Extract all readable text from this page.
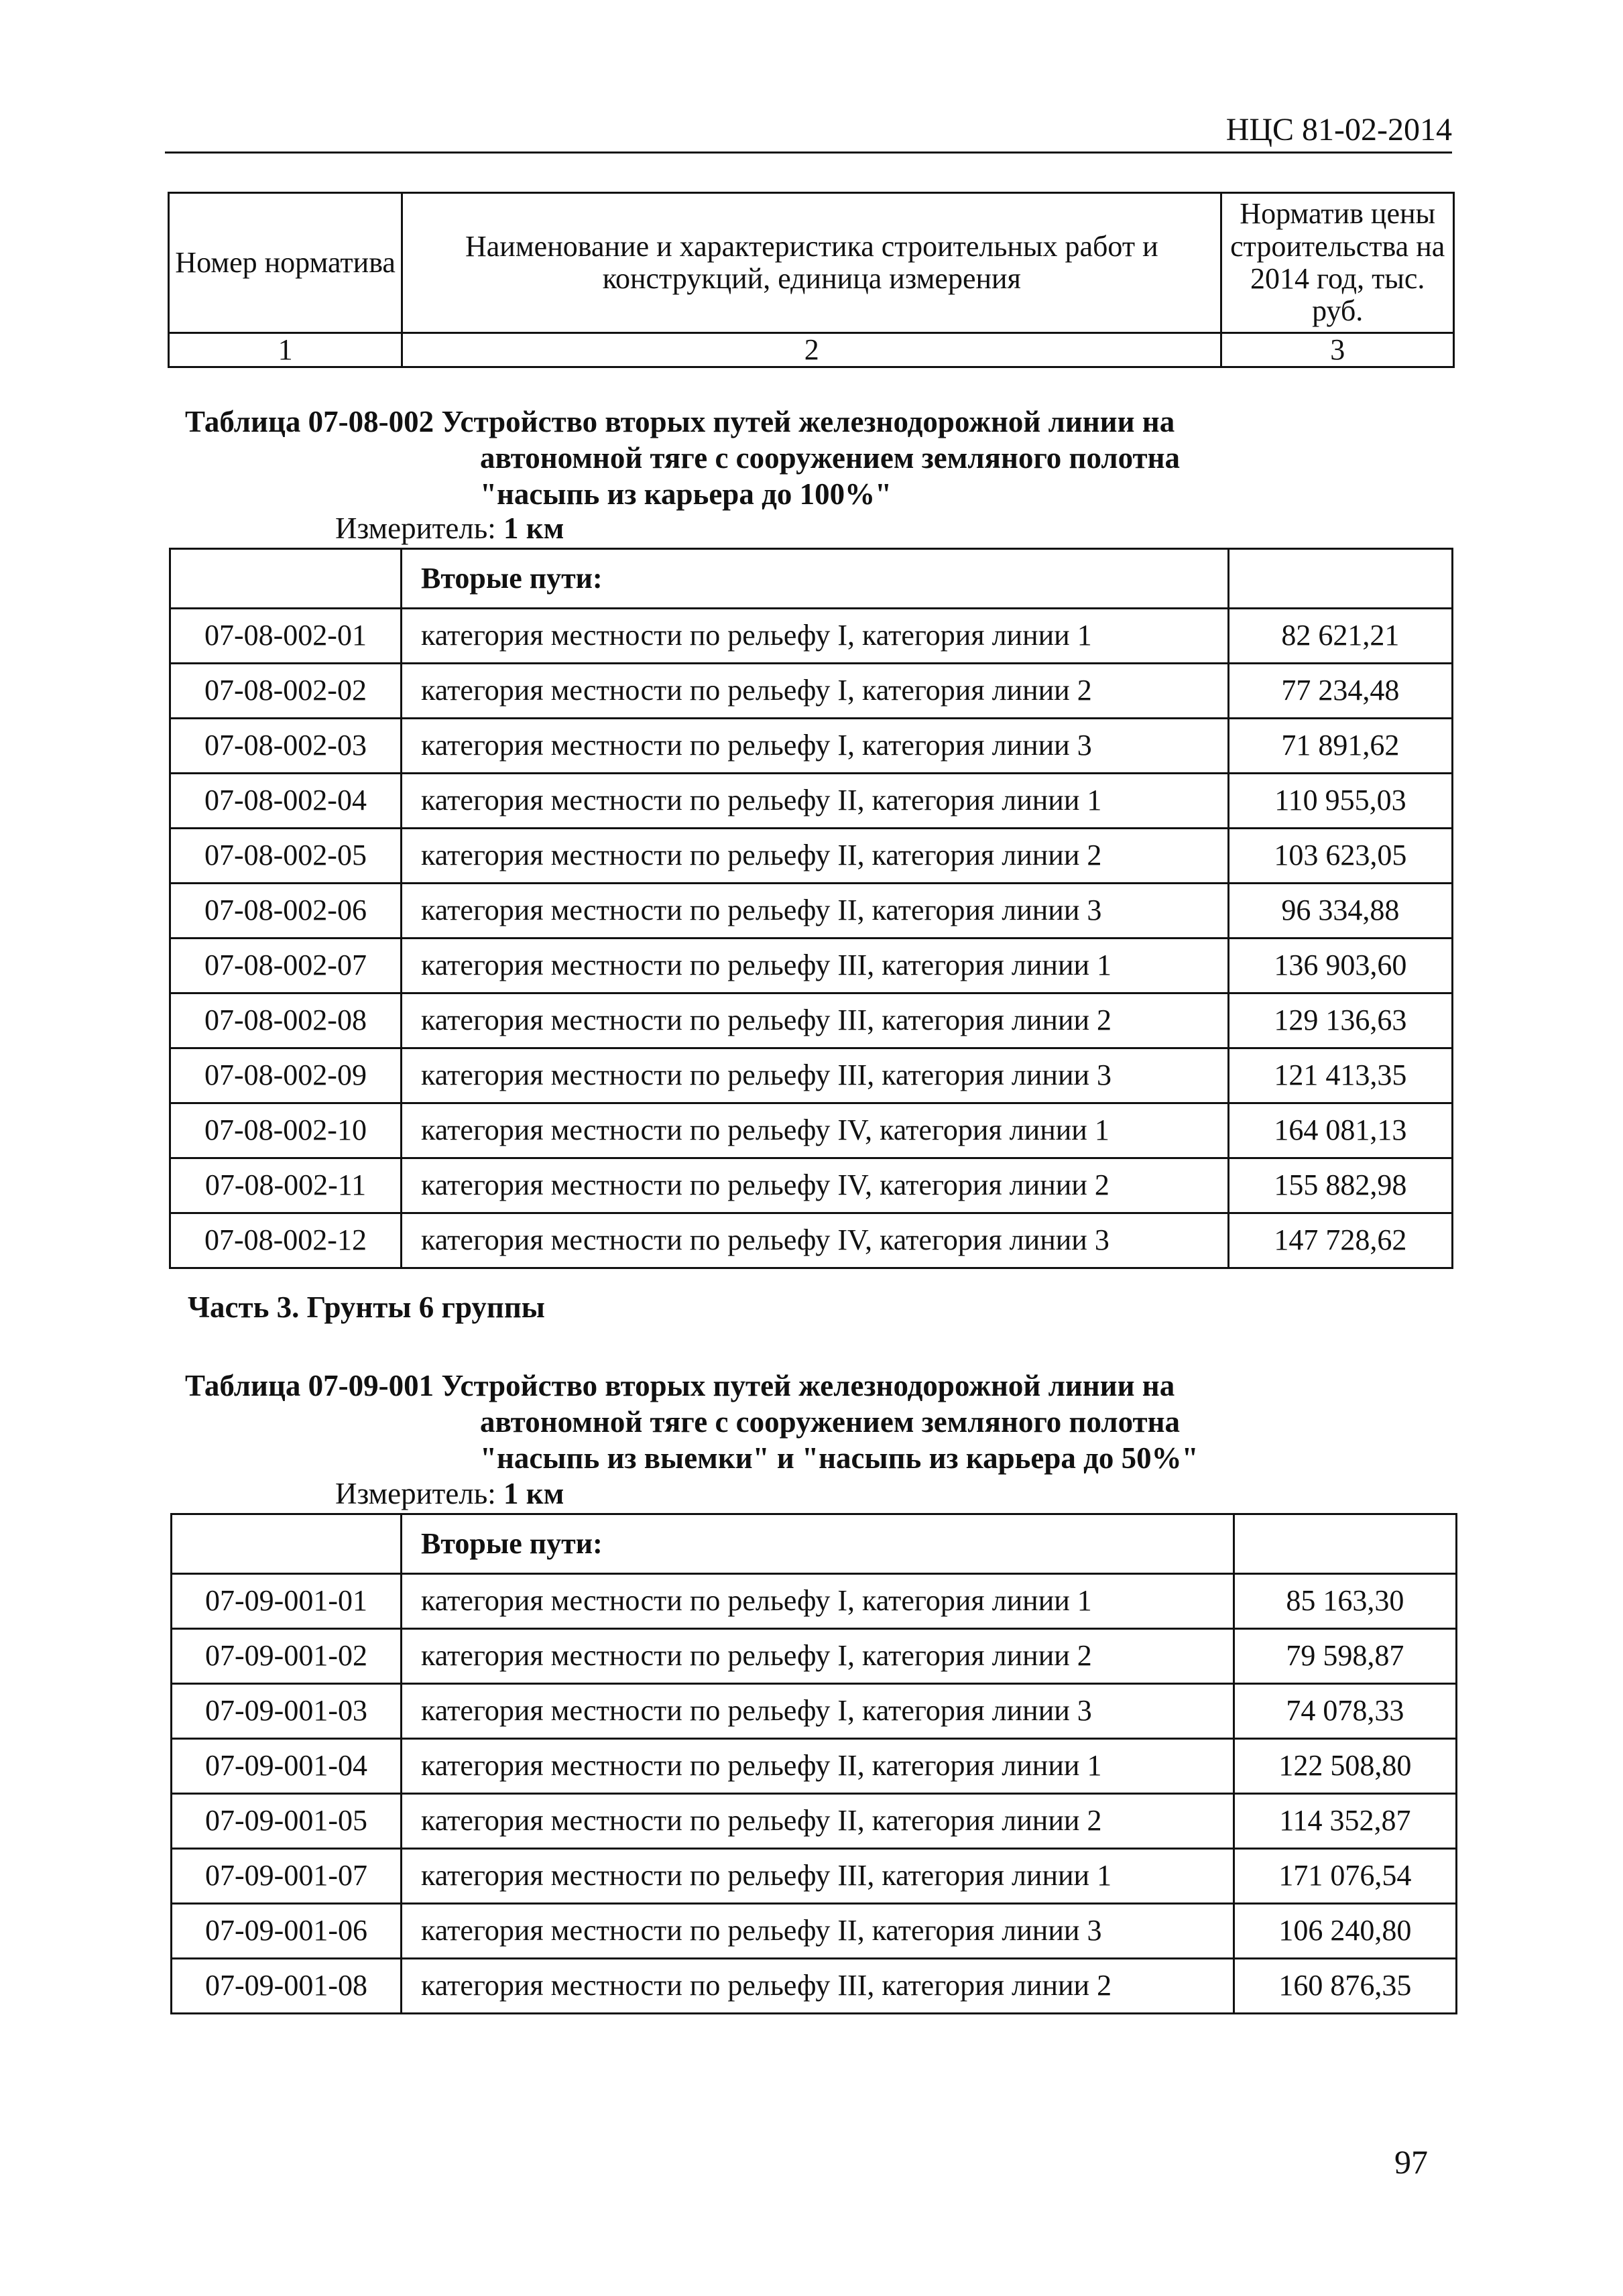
НЦС 81-02-2014
Номер норматива	Наименование и характеристика строительных работ и конструкций, единица измерения	Норматив цены строительства на 2014 год, тыс. руб.
1	2	3
Таблица 07-08-002 Устройство вторых путей железнодорожной линии на
автономной тяге с сооружением земляного полотна
"насыпь из карьера до 100%"
Измеритель: 1 км
	Вторые пути:	
07-08-002-01	категория местности по рельефу I, категория линии 1	82 621,21
07-08-002-02	категория местности по рельефу I, категория линии 2	77 234,48
07-08-002-03	категория местности по рельефу I, категория линии 3	71 891,62
07-08-002-04	категория местности по рельефу II, категория линии 1	110 955,03
07-08-002-05	категория местности по рельефу II, категория линии 2	103 623,05
07-08-002-06	категория местности по рельефу II, категория линии 3	96 334,88
07-08-002-07	категория местности по рельефу III, категория линии 1	136 903,60
07-08-002-08	категория местности по рельефу III, категория линии 2	129 136,63
07-08-002-09	категория местности по рельефу III, категория линии 3	121 413,35
07-08-002-10	категория местности по рельефу IV, категория линии 1	164 081,13
07-08-002-11	категория местности по рельефу IV, категория линии 2	155 882,98
07-08-002-12	категория местности по рельефу IV, категория линии 3	147 728,62
Часть 3. Грунты 6 группы
Таблица 07-09-001 Устройство вторых путей железнодорожной линии на
автономной тяге с сооружением земляного полотна
"насыпь из выемки" и "насыпь из карьера до 50%"
Измеритель: 1 км
	Вторые пути:	
07-09-001-01	категория местности по рельефу I, категория линии 1	85 163,30
07-09-001-02	категория местности по рельефу I, категория линии 2	79 598,87
07-09-001-03	категория местности по рельефу I, категория линии 3	74 078,33
07-09-001-04	категория местности по рельефу II, категория линии 1	122 508,80
07-09-001-05	категория местности по рельефу II, категория линии 2	114 352,87
07-09-001-07	категория местности по рельефу III, категория линии 1	171 076,54
07-09-001-06	категория местности по рельефу II, категория линии 3	106 240,80
07-09-001-08	категория местности по рельефу III, категория линии 2	160 876,35
97
